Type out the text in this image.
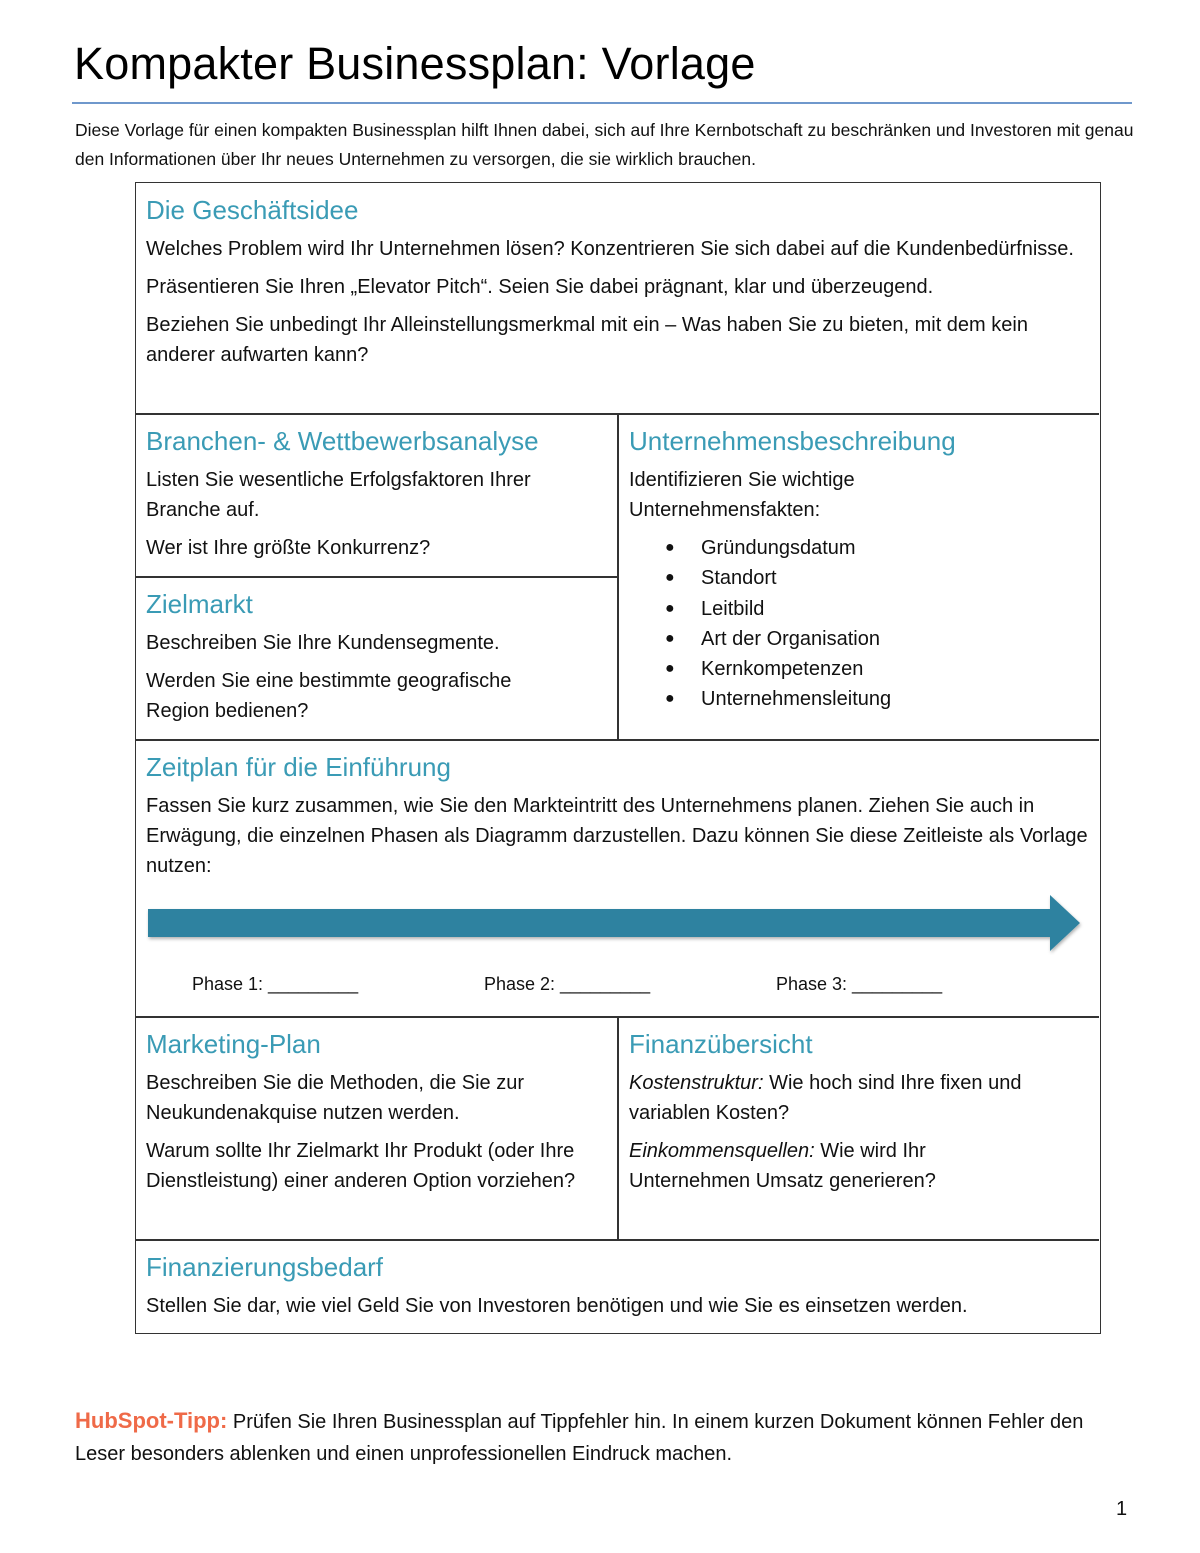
Kompakter Businessplan: Vorlage

Diese Vorlage für einen kompakten Businessplan hilft Ihnen dabei, sich auf Ihre Kernbotschaft zu beschränken und Investoren mit genau den Informationen über Ihr neues Unternehmen zu versorgen, die sie wirklich brauchen.

Die Geschäftsidee

Welches Problem wird Ihr Unternehmen lösen? Konzentrieren Sie sich dabei auf die Kundenbedürfnisse.

Präsentieren Sie Ihren „Elevator Pitch“. Seien Sie dabei prägnant, klar und überzeugend.

Beziehen Sie unbedingt Ihr Alleinstellungsmerkmal mit ein – Was haben Sie zu bieten, mit dem kein anderer aufwarten kann?

Branchen- & Wettbewerbsanalyse

Listen Sie wesentliche Erfolgsfaktoren Ihrer Branche auf.

Wer ist Ihre größte Konkurrenz?

Unternehmensbeschreibung

Identifizieren Sie wichtige Unternehmensfakten:

● Gründungsdatum
● Standort
● Leitbild
● Art der Organisation
● Kernkompetenzen
● Unternehmensleitung
Zielmarkt

Beschreiben Sie Ihre Kundensegmente.

Werden Sie eine bestimmte geografische Region bedienen?

Zeitplan für die Einführung

Fassen Sie kurz zusammen, wie Sie den Markteintritt des Unternehmens planen. Ziehen Sie auch in Erwägung, die einzelnen Phasen als Diagramm darzustellen. Dazu können Sie diese Zeitleiste als Vorlage nutzen:

Phase 1: _________	Phase 2: _________	Phase 3: _________
Marketing-Plan

Beschreiben Sie die Methoden, die Sie zur Neukundenakquise nutzen werden.

Warum sollte Ihr Zielmarkt Ihr Produkt (oder Ihre Dienstleistung) einer anderen Option vorziehen?

Finanzübersicht

Kostenstruktur: Wie hoch sind Ihre fixen und variablen Kosten?

Einkommensquellen: Wie wird Ihr Unternehmen Umsatz generieren?

Finanzierungsbedarf

Stellen Sie dar, wie viel Geld Sie von Investoren benötigen und wie Sie es einsetzen werden.

HubSpot-Tipp: Prüfen Sie Ihren Businessplan auf Tippfehler hin. In einem kurzen Dokument können Fehler den Leser besonders ablenken und einen unprofessionellen Eindruck machen.

1
